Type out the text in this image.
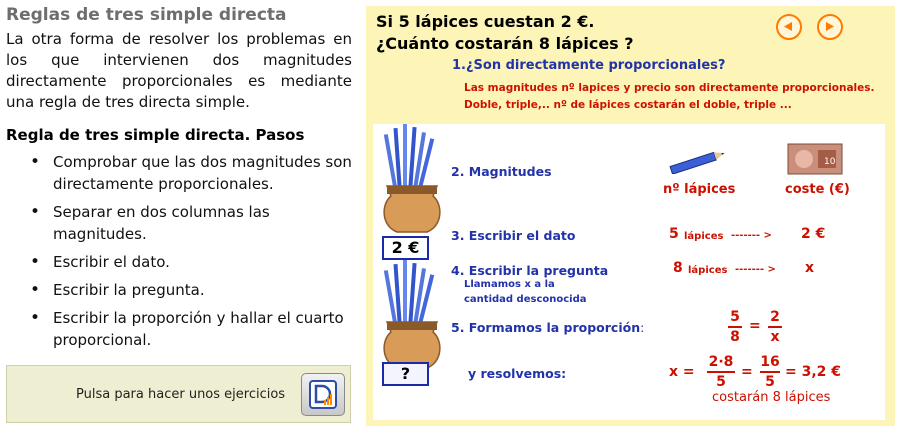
Reglas de tres simple directa

La otra forma de resolver los problemas en los que intervienen dos magnitudes directamente proporcionales es mediante una regla de tres directa simple.

Regla de tres simple directa. Pasos
• Comprobar que las dos magnitudes son directamente proporcionales.
• Separar en dos columnas las magnitudes.
• Escribir el dato.
• Escribir la pregunta.
• Escribir la proporción y hallar el cuarto proporcional.
Pulsa para hacer unos ejercicios
Si 5 lápices cuestan 2 €.
¿Cuánto costarán 8 lápices ?
1.¿Son directamente proporcionales?
Las magnitudes nº lapices y precio son directamente proporcionales.
Doble, triple,.. nº de lápices costarán el doble, triple ...
2 €
?
2. Magnitudes
10
nº lápices	coste (€)
3. Escribir el dato	5 lápices ------- > 2 €
4. Escribir la pregunta
Llamamos x a la
cantidad desconocida
8 lápices ------- > x
5. Formamos la proporción:
5
8
=
2
x
y resolvemos:	x =
2·8
5
=
16
5
= 3,2 €
costarán 8 lápices
